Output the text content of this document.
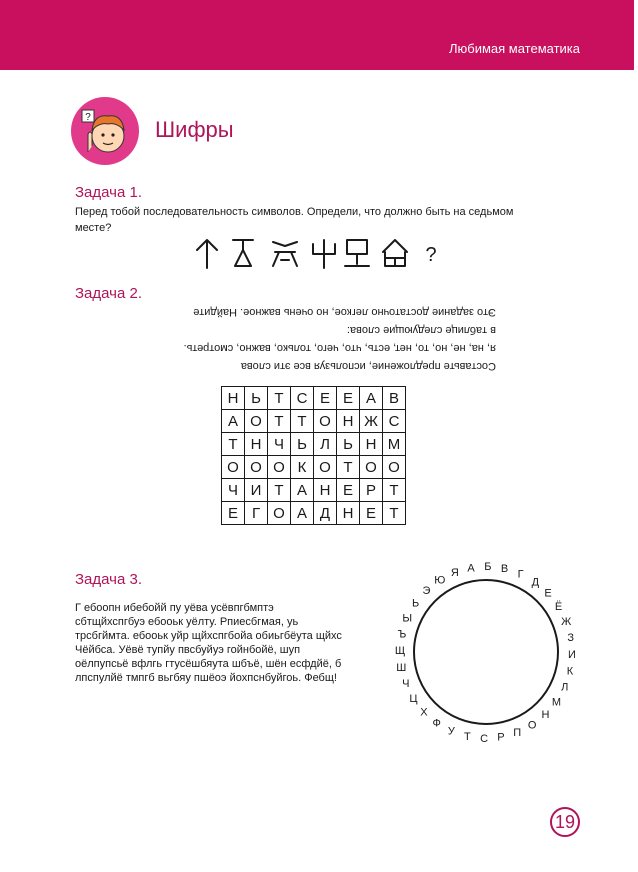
Любимая математика
?	Шифры
Задача 1.
Перед тобой последовательность символов. Определи, что должно быть на седьмом месте?
?
Задача 2.
Это задание достаточно легкое, но очень важное. Найдите
в таблице следующие слова:
я, на, не, но, то, нет, есть, что, чего, только, важно, смотреть.
Составьте предложение, используя все эти слова
Н	Ь	Т	С	Е	Е	А	В
А	О	Т	Т	О	Н	Ж	С
Т	Н	Ч	Ь	Л	Ь	Н	М
О	О	О	К	О	Т	О	О
Ч	И	Т	А	Н	Е	Р	Т
Е	Г	О	А	Д	Н	Е	Т
Задача 3.
Г ебоопн ибебойй пу уёва усёвпгбмптэ
сбтщйхспгбуэ ебооьк уёлту. Рпиесбгмая, уь
трсбгймта. ебооьк уйр щйхспгбойа обиьгбёута щйхс
Чёйбса. Уёвё тупйу пвсбуйуэ гойнбойё, шуп
оёлпупсьё вфлгь гтусёшбяута шбъё, шён есфдйё, б
лпспулйё тмпгб вьгбяу пшёоэ йохпснбуйгоь. Фебщ!
А Б В Г
Д
Е
Ё
Ж
З
И
К
Л
М
Н
О
П
Р
С
Т
У
Ф
Х
Ц
Ч
Ш
Щ
Ъ
Ы
Ь
Э
Ю
Я
19
